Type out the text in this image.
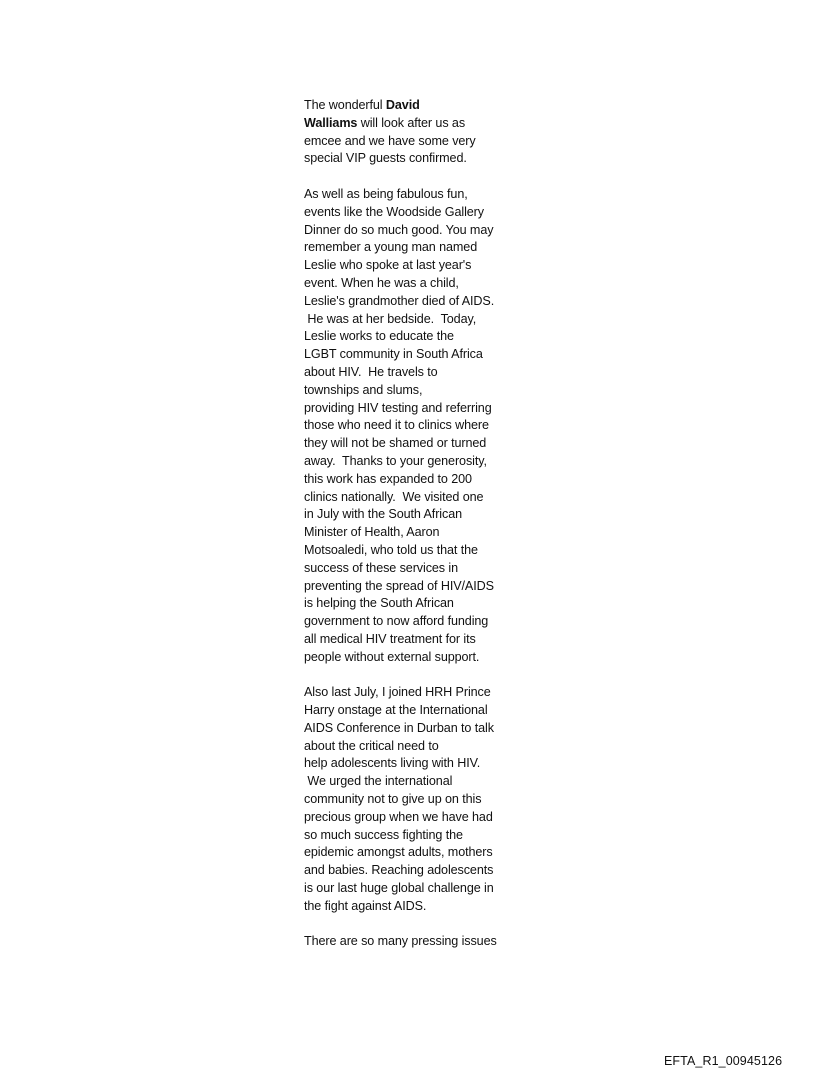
The wonderful David
Walliams will look after us as
emcee and we have some very
special VIP guests confirmed.
As well as being fabulous fun,
events like the Woodside Gallery
Dinner do so much good. You may
remember a young man named
Leslie who spoke at last year's
event. When he was a child,
Leslie's grandmother died of AIDS.
He was at her bedside.  Today,
Leslie works to educate the
LGBT community in South Africa
about HIV.  He travels to
townships and slums,
providing HIV testing and referring
those who need it to clinics where
they will not be shamed or turned
away.  Thanks to your generosity,
this work has expanded to 200
clinics nationally.  We visited one
in July with the South African
Minister of Health, Aaron
Motsoaledi, who told us that the
success of these services in
preventing the spread of HIV/AIDS
is helping the South African
government to now afford funding
all medical HIV treatment for its
people without external support.
Also last July, I joined HRH Prince
Harry onstage at the International
AIDS Conference in Durban to talk
about the critical need to
help adolescents living with HIV.
We urged the international
community not to give up on this
precious group when we have had
so much success fighting the
epidemic amongst adults, mothers
and babies. Reaching adolescents
is our last huge global challenge in
the fight against AIDS.
There are so many pressing issues
EFTA_R1_00945126
